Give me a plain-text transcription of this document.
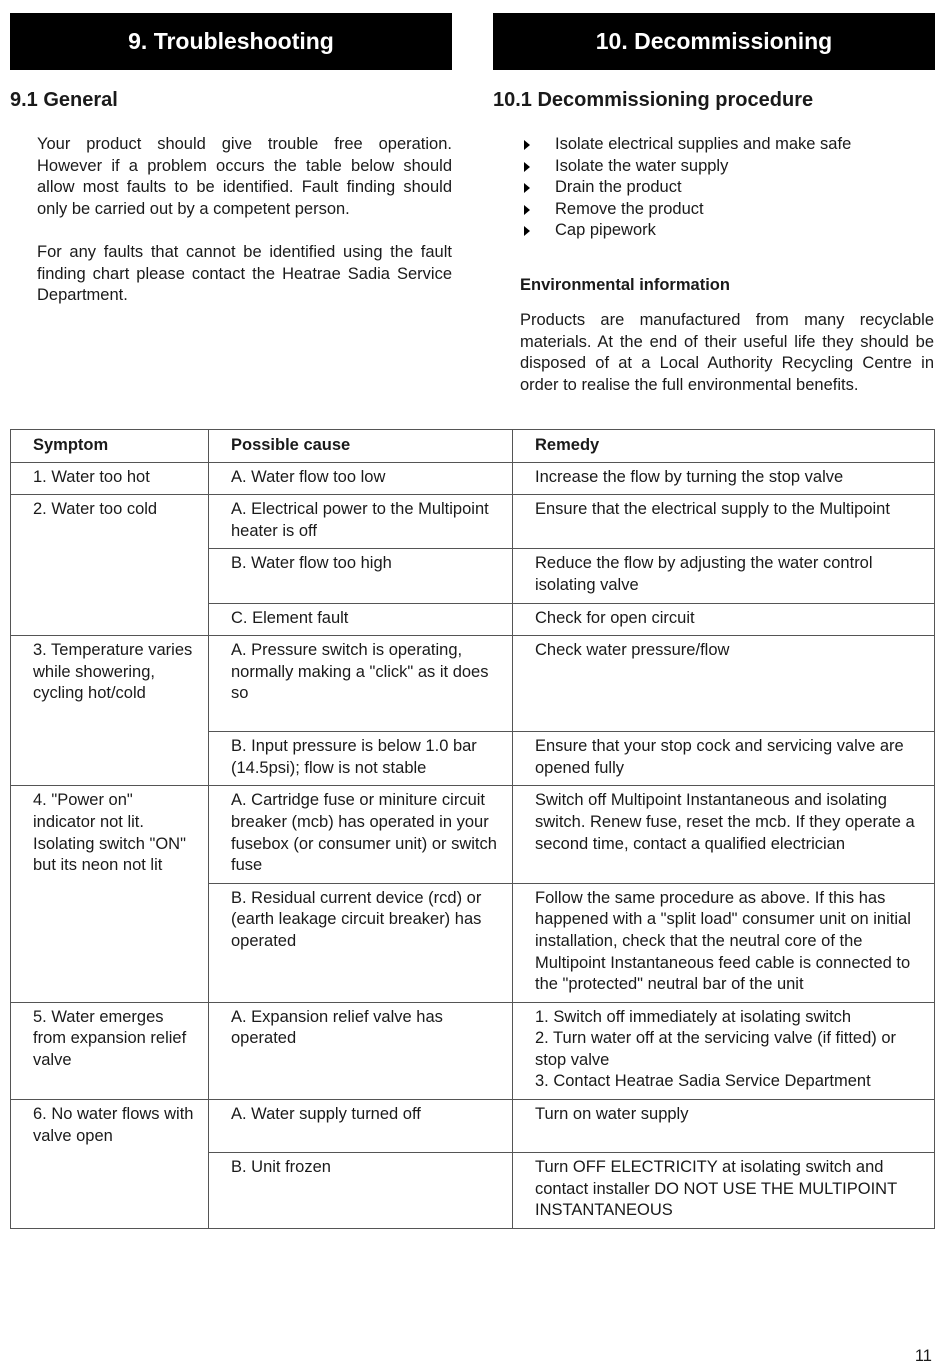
9. Troubleshooting	10. Decommissioning
9.1 General	10.1 Decommissioning procedure

Your product should give trouble free operation. However if a problem occurs the table below should allow most faults to be identified. Fault finding should only be carried out by a competent person.

For any faults that cannot be identified using the fault finding chart please contact the Heatrae Sadia Service Department.

Isolate electrical supplies and make safe
Isolate the water supply
Drain the product
Remove the product
Cap pipework
Environmental information

Products are manufactured from many recyclable materials. At the end of their useful life they should be disposed of at a Local Authority Recycling Centre in order to realise the full environmental benefits.

Symptom	Possible cause	Remedy
1. Water too hot	A. Water flow too low	Increase the flow by turning the stop valve
2. Water too cold	A. Electrical power to the Multipoint heater is off	Ensure that the electrical supply to the Multipoint
	B. Water flow too high	Reduce the flow by adjusting the water control isolating valve
	C. Element fault	Check for open circuit
3. Temperature varies while showering, cycling hot/cold	A. Pressure switch is operating, normally making a "click" as it does so	Check water pressure/flow
	B. Input pressure is below 1.0 bar (14.5psi); flow is not stable	Ensure that your stop cock and servicing valve are opened fully
4. "Power on" indicator not lit. Isolating switch "ON" but its neon not lit	A. Cartridge fuse or miniture circuit breaker (mcb) has operated in your fusebox (or consumer unit) or switch fuse	Switch off Multipoint Instantaneous and isolating switch. Renew fuse, reset the mcb. If they operate a second time, contact a qualified electrician
	B. Residual current device (rcd) or (earth leakage circuit breaker) has operated	Follow the same procedure as above. If this has happened with a "split load" consumer unit on initial installation, check that the neutral core of the Multipoint Instantaneous feed cable is connected to the "protected" neutral bar of the unit
5. Water emerges from expansion relief valve	A. Expansion relief valve has operated	1. Switch off immediately at isolating switch
2. Turn water off at the servicing valve (if fitted) or stop valve
3. Contact Heatrae Sadia Service Department

6. No water flows with valve open	A. Water supply turned off	Turn on water supply
	B. Unit frozen	Turn OFF ELECTRICITY at isolating switch and contact installer DO NOT USE THE MULTIPOINT INSTANTANEOUS
11
